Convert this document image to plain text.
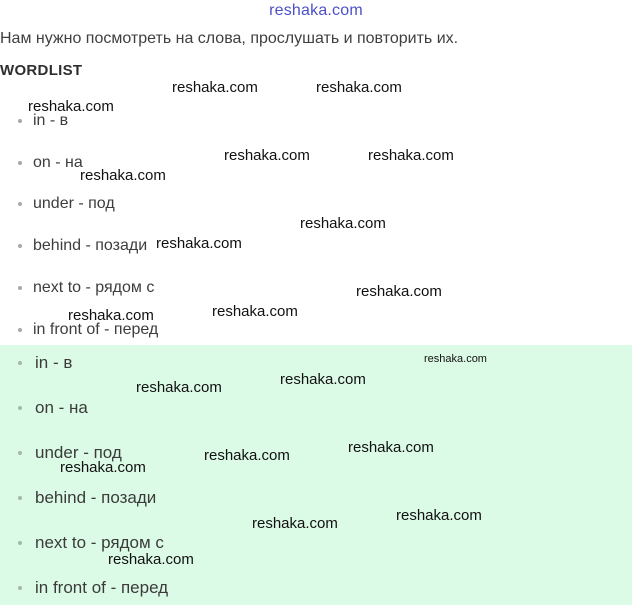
reshaka.com
Нам нужно посмотреть на слова, прослушать и повторить их.
WORDLIST
in - в
on - на
under - под
behind - позади
next to - рядом с
in front of - перед
in - в
on - на
under - под
behind - позади
next to - рядом с
in front of - перед
reshaka.com	reshaka.com
reshaka.com
reshaka.com	reshaka.com
reshaka.com
reshaka.com
reshaka.com
reshaka.com
reshaka.com
reshaka.com
reshaka.com
reshaka.com
reshaka.com
reshaka.com
reshaka.com
reshaka.com
reshaka.com
reshaka.com
reshaka.com
